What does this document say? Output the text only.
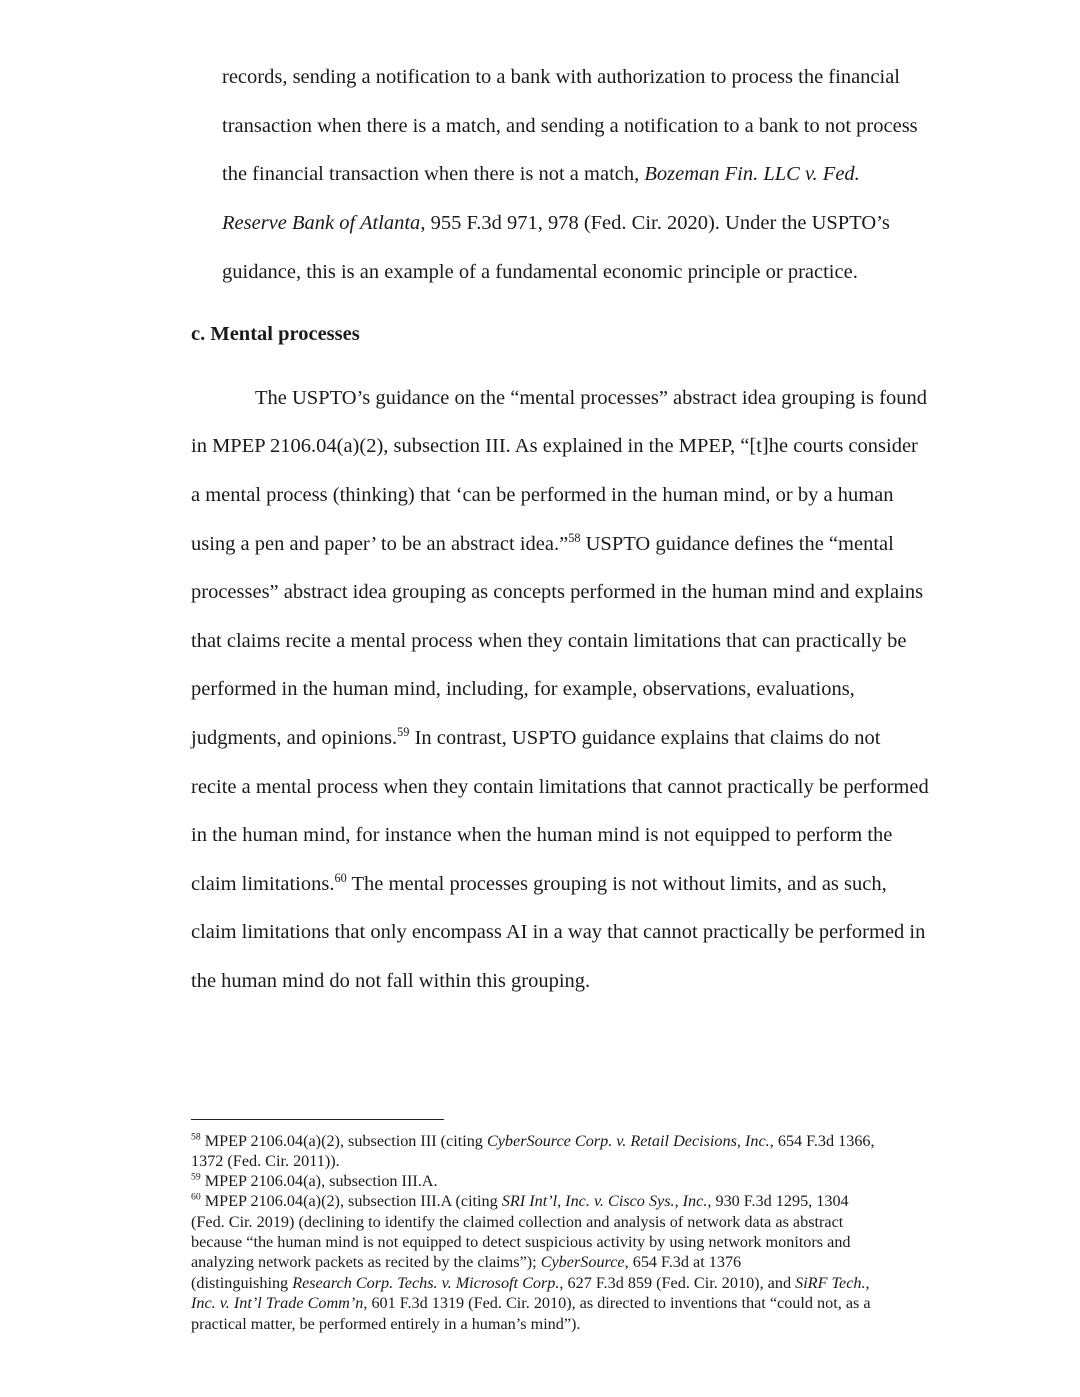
records, sending a notification to a bank with authorization to process the financial
transaction when there is a match, and sending a notification to a bank to not process
the financial transaction when there is not a match, Bozeman Fin. LLC v. Fed.
Reserve Bank of Atlanta, 955 F.3d 971, 978 (Fed. Cir. 2020). Under the USPTO’s
guidance, this is an example of a fundamental economic principle or practice.
c. Mental processes
The USPTO’s guidance on the “mental processes” abstract idea grouping is found
in MPEP 2106.04(a)(2), subsection III. As explained in the MPEP, “[t]he courts consider
a mental process (thinking) that ‘can be performed in the human mind, or by a human
using a pen and paper’ to be an abstract idea.”$^{58}$ USPTO guidance defines the “mental
processes” abstract idea grouping as concepts performed in the human mind and explains
that claims recite a mental process when they contain limitations that can practically be
performed in the human mind, including, for example, observations, evaluations,
judgments, and opinions.$^{59}$ In contrast, USPTO guidance explains that claims do not
recite a mental process when they contain limitations that cannot practically be performed
in the human mind, for instance when the human mind is not equipped to perform the
claim limitations.$^{60}$ The mental processes grouping is not without limits, and as such,
claim limitations that only encompass AI in a way that cannot practically be performed in
the human mind do not fall within this grouping.
$^{58}$ MPEP 2106.04(a)(2), subsection III (citing CyberSource Corp. v. Retail Decisions, Inc., 654 F.3d 1366,
1372 (Fed. Cir. 2011)).
$^{59}$ MPEP 2106.04(a), subsection III.A.
$^{60}$ MPEP 2106.04(a)(2), subsection III.A (citing SRI Int’l, Inc. v. Cisco Sys., Inc., 930 F.3d 1295, 1304
(Fed. Cir. 2019) (declining to identify the claimed collection and analysis of network data as abstract
because “the human mind is not equipped to detect suspicious activity by using network monitors and
analyzing network packets as recited by the claims”); CyberSource, 654 F.3d at 1376
(distinguishing Research Corp. Techs. v. Microsoft Corp., 627 F.3d 859 (Fed. Cir. 2010), and SiRF Tech.,
Inc. v. Int’l Trade Comm’n, 601 F.3d 1319 (Fed. Cir. 2010), as directed to inventions that “could not, as a
practical matter, be performed entirely in a human’s mind”).
